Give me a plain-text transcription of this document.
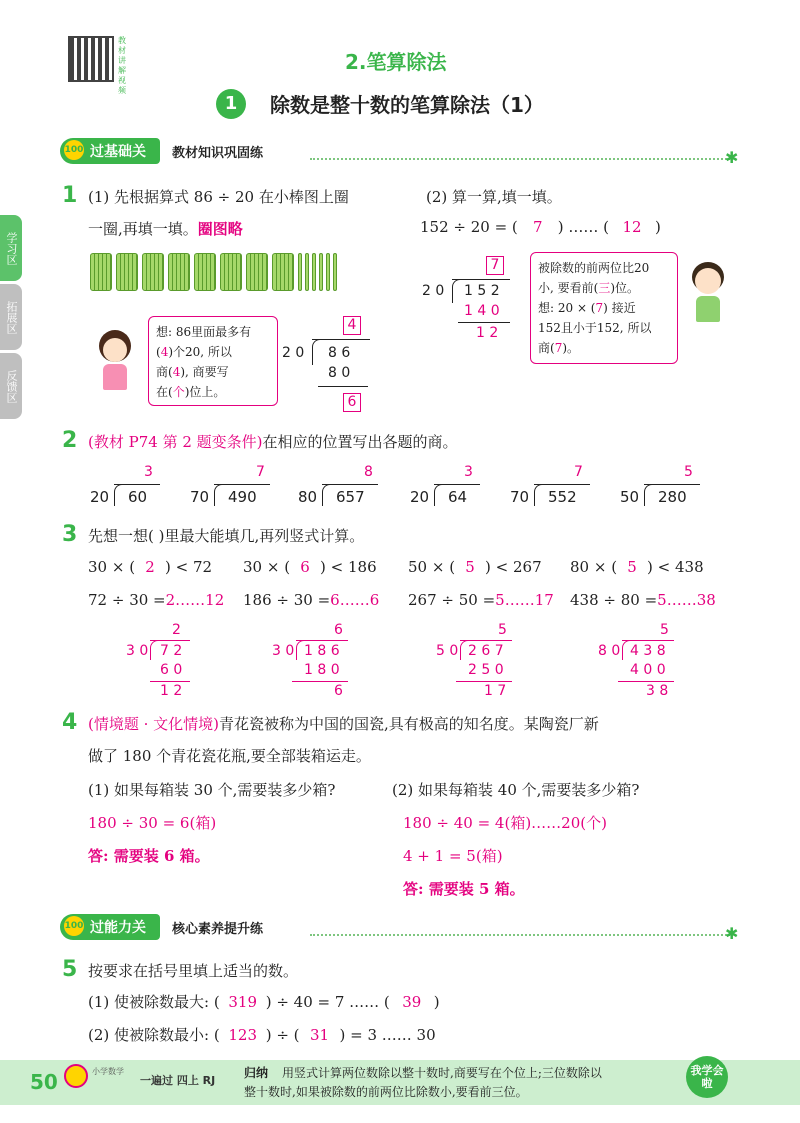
教材讲解视频
2.笔算除法
1	除数是整十数的笔算除法（1）
学习区
拓展区
反馈区
100 过基础关	教材知识巩固练	✱
1 (1) 先根据算式 86 ÷ 20 在小棒图上圈
一圈,再填一填。圈图略
想: 86里面最多有
(4)个20, 所以
商(4), 商要写
在(个)位上。
4
2 0 8 6
8 0
6
(2) 算一算,填一填。
152 ÷ 20 = ( 7 ) …… ( 12 )
7
2 0 1 5 2
1 4 0
1 2
被除数的前两位比20
小, 要看前(三)位。
想: 20 × (7) 接近
152且小于152, 所以
商(7)。
2 (教材 P74 第 2 题变条件)在相应的位置写出各题的商。
3
20 60
7
70 490
8
80 657
3
20 64
7
70 552
5
50 280
3 先想一想( )里最大能填几,再列竖式计算。
30 × ( 2 ) < 72 30 × ( 6 ) < 186 50 × ( 5 ) < 267 80 × ( 5 ) < 438
72 ÷ 30 =2……12 186 ÷ 30 =6……6 267 ÷ 50 =5……17 438 ÷ 80 =5……38
2
3 0 7 2
6 0
1 2
6
3 0 1 8 6
1 8 0
6
5
5 0 2 6 7
2 5 0
1 7
5
8 0 4 3 8
4 0 0
3 8
4 (情境题 · 文化情境)青花瓷被称为中国的国瓷,具有极高的知名度。某陶瓷厂新
做了 180 个青花瓷花瓶,要全部装箱运走。
(1) 如果每箱装 30 个,需要装多少箱?	(2) 如果每箱装 40 个,需要装多少箱?
180 ÷ 30 = 6(箱)
答: 需要装 6 箱。
180 ÷ 40 = 4(箱)……20(个)
4 + 1 = 5(箱)
答: 需要装 5 箱。
100 过能力关	核心素养提升练	✱
5 按要求在括号里填上适当的数。
(1) 使被除数最大: ( 319 ) ÷ 40 = 7 …… ( 39 )
(2) 使被除数最小: ( 123 ) ÷ ( 31 ) = 3 …… 30
50	小学数学
一遍过 四上 RJ
归纳 用竖式计算两位数除以整十数时,商要写在个位上;三位数除以
整十数时,如果被除数的前两位比除数小,要看前三位。
我学会啦
